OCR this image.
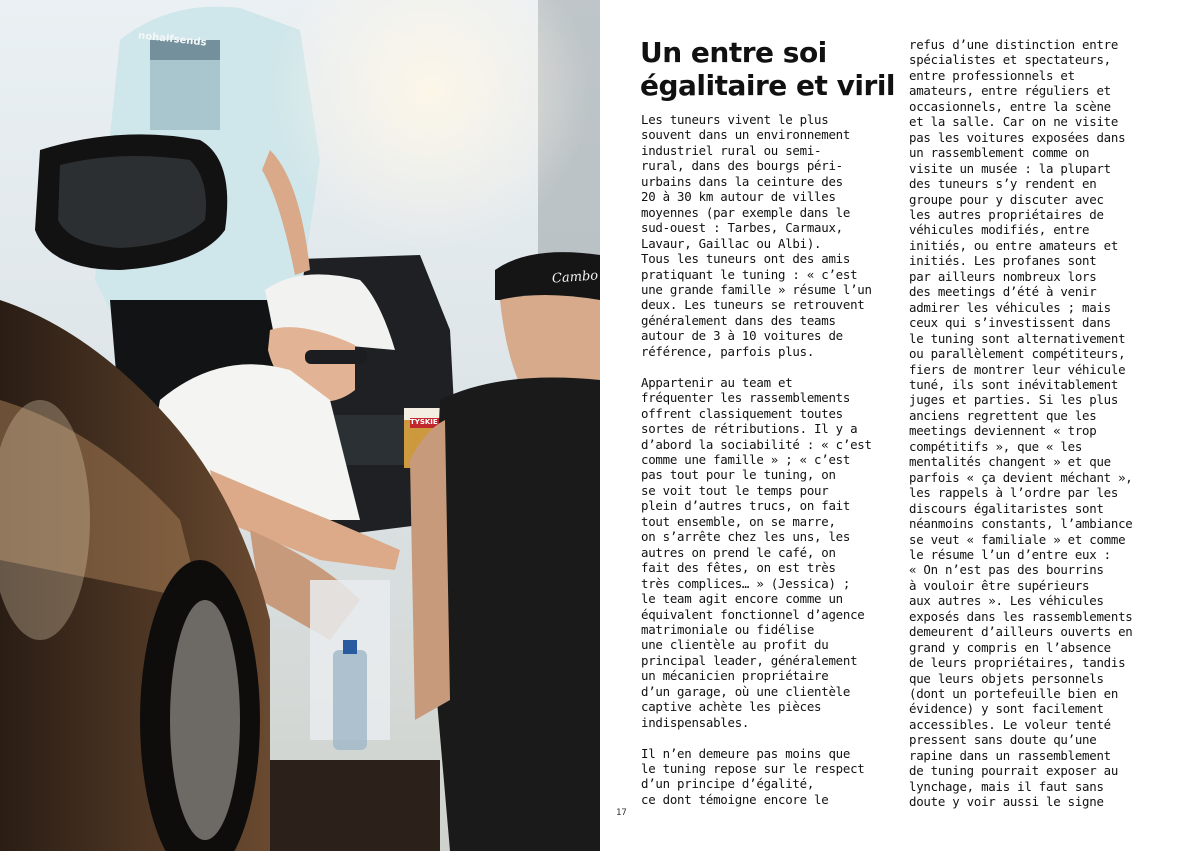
nohalfsends
Cambo
TYSKIE
Un entre soi
égalitaire et viril
Les tuneurs vivent le plus
souvent dans un environnement
industriel rural ou semi-
rural, dans des bourgs péri-
urbains dans la ceinture des
20 à 30 km autour de villes
moyennes (par exemple dans le
sud-ouest : Tarbes, Carmaux,
Lavaur, Gaillac ou Albi).
Tous les tuneurs ont des amis
pratiquant le tuning : « c’est
une grande famille » résume l’un
deux. Les tuneurs se retrouvent
généralement dans des teams
autour de 3 à 10 voitures de
référence, parfois plus.

Appartenir au team et
fréquenter les rassemblements
offrent classiquement toutes
sortes de rétributions. Il y a
d’abord la sociabilité : « c’est
comme une famille » ; « c’est
pas tout pour le tuning, on
se voit tout le temps pour
plein d’autres trucs, on fait
tout ensemble, on se marre,
on s’arrête chez les uns, les
autres on prend le café, on
fait des fêtes, on est très
très complices… » (Jessica) ;
le team agit encore comme un
équivalent fonctionnel d’agence
matrimoniale ou fidélise
une clientèle au profit du
principal leader, généralement
un mécanicien propriétaire
d’un garage, où une clientèle
captive achète les pièces
indispensables.

Il n’en demeure pas moins que
le tuning repose sur le respect
d’un principe d’égalité,
ce dont témoigne encore le
refus d’une distinction entre
spécialistes et spectateurs,
entre professionnels et
amateurs, entre réguliers et
occasionnels, entre la scène
et la salle. Car on ne visite
pas les voitures exposées dans
un rassemblement comme on
visite un musée : la plupart
des tuneurs s’y rendent en
groupe pour y discuter avec
les autres propriétaires de
véhicules modifiés, entre
initiés, ou entre amateurs et
initiés. Les profanes sont
par ailleurs nombreux lors
des meetings d’été à venir
admirer les véhicules ; mais
ceux qui s’investissent dans
le tuning sont alternativement
ou parallèlement compétiteurs,
fiers de montrer leur véhicule
tuné, ils sont inévitablement
juges et parties. Si les plus
anciens regrettent que les
meetings deviennent « trop
compétitifs », que « les
mentalités changent » et que
parfois « ça devient méchant »,
les rappels à l’ordre par les
discours égalitaristes sont
néanmoins constants, l’ambiance
se veut « familiale » et comme
le résume l’un d’entre eux :
« On n’est pas des bourrins
à vouloir être supérieurs
aux autres ». Les véhicules
exposés dans les rassemblements
demeurent d’ailleurs ouverts en
grand y compris en l’absence
de leurs propriétaires, tandis
que leurs objets personnels
(dont un portefeuille bien en
évidence) y sont facilement
accessibles. Le voleur tenté
pressent sans doute qu’une
rapine dans un rassemblement
de tuning pourrait exposer au
lynchage, mais il faut sans
doute y voir aussi le signe
17
